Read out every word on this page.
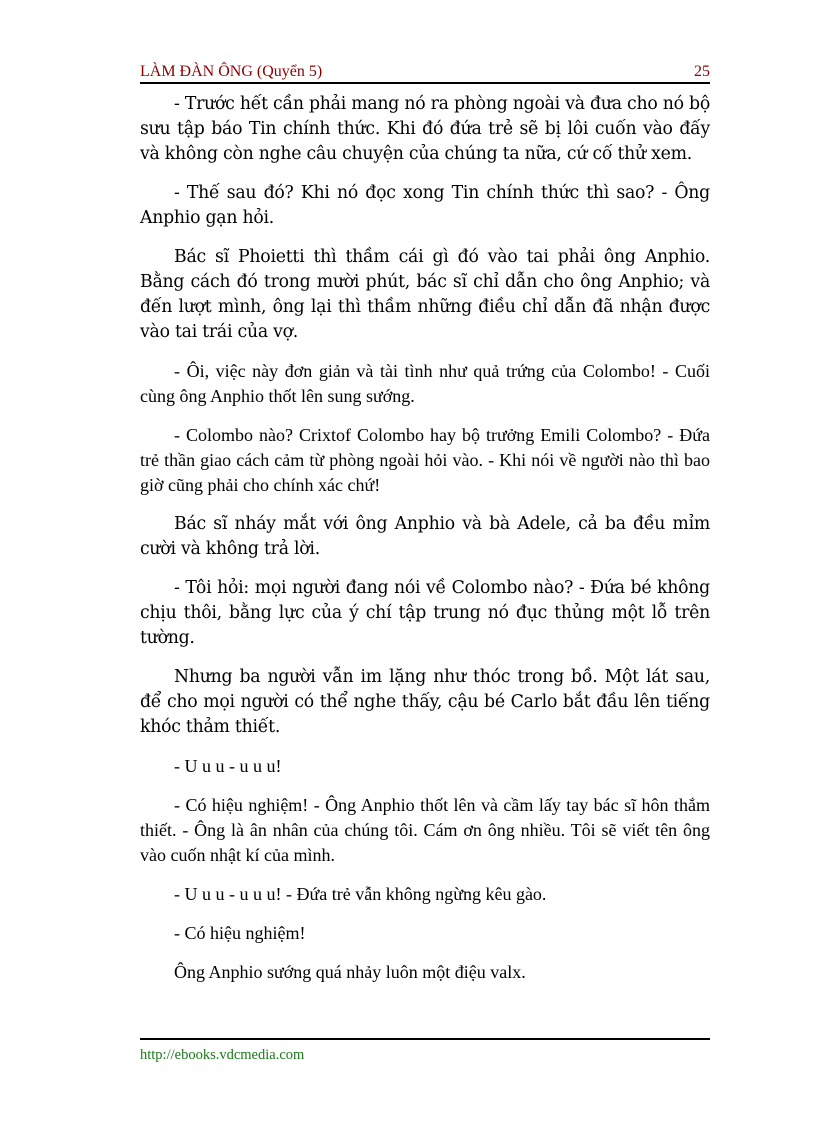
LÀM ĐÀN ÔNG (Quyển 5)	25

- Trước hết cần phải mang nó ra phòng ngoài và đưa cho nó bộ sưu tập báo Tin chính thức. Khi đó đứa trẻ sẽ bị lôi cuốn vào đấy và không còn nghe câu chuyện của chúng ta nữa, cứ cố thử xem.

- Thế sau đó? Khi nó đọc xong Tin chính thức thì sao? - Ông Anphio gạn hỏi.

Bác sĩ Phoietti thì thầm cái gì đó vào tai phải ông Anphio. Bằng cách đó trong mười phút, bác sĩ chỉ dẫn cho ông Anphio; và đến lượt mình, ông lại thì thầm những điều chỉ dẫn đã nhận được vào tai trái của vợ.

- Ôi, việc này đơn giản và tài tình như quả trứng của Colombo! - Cuối cùng ông Anphio thốt lên sung sướng.

- Colombo nào? Crixtof Colombo hay bộ trưởng Emili Colombo? - Đứa trẻ thần giao cách cảm từ phòng ngoài hỏi vào. - Khi nói về người nào thì bao giờ cũng phải cho chính xác chứ!

Bác sĩ nháy mắt với ông Anphio và bà Adele, cả ba đều mỉm cười và không trả lời.

- Tôi hỏi: mọi người đang nói về Colombo nào? - Đứa bé không chịu thôi, bằng lực của ý chí tập trung nó đục thủng một lỗ trên tường.

Nhưng ba người vẫn im lặng như thóc trong bồ. Một lát sau, để cho mọi người có thể nghe thấy, cậu bé Carlo bắt đầu lên tiếng khóc thảm thiết.

- U u u - u u u!

- Có hiệu nghiệm! - Ông Anphio thốt lên và cầm lấy tay bác sĩ hôn thắm thiết. - Ông là ân nhân của chúng tôi. Cám ơn ông nhiều. Tôi sẽ viết tên ông vào cuốn nhật kí của mình.

- U u u - u u u! - Đứa trẻ vẫn không ngừng kêu gào.

- Có hiệu nghiệm!

Ông Anphio sướng quá nhảy luôn một điệu valx.

http://ebooks.vdcmedia.com
